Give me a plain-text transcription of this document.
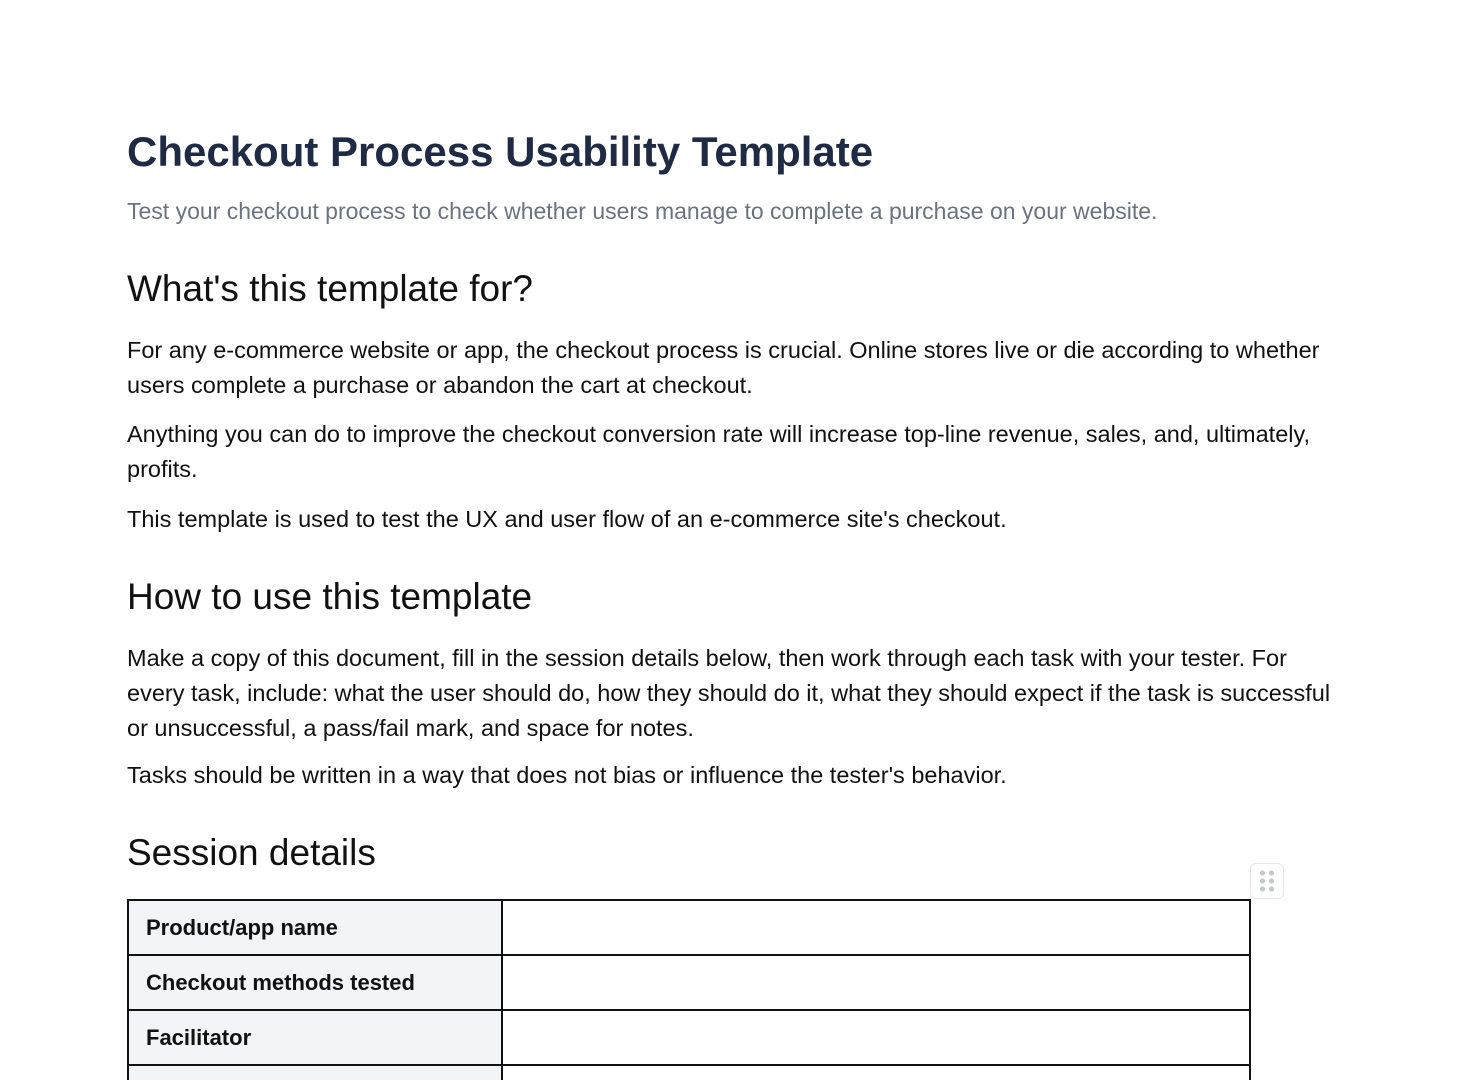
Checkout Process Usability Template
Test your checkout process to check whether users manage to complete a purchase on your website.
What's this template for?

For any e-commerce website or app, the checkout process is crucial. Online stores live or die according to whether users complete a purchase or abandon the cart at checkout.

Anything you can do to improve the checkout conversion rate will increase top-line revenue, sales, and, ultimately, profits.

This template is used to test the UX and user flow of an e-commerce site's checkout.

How to use this template

Make a copy of this document, fill in the session details below, then work through each task with your tester. For every task, include: what the user should do, how they should do it, what they should expect if the task is successful or unsuccessful, a pass/fail mark, and space for notes.

Tasks should be written in a way that does not bias or influence the tester's behavior.

Session details
Product/app name	
Checkout methods tested	
Facilitator	
